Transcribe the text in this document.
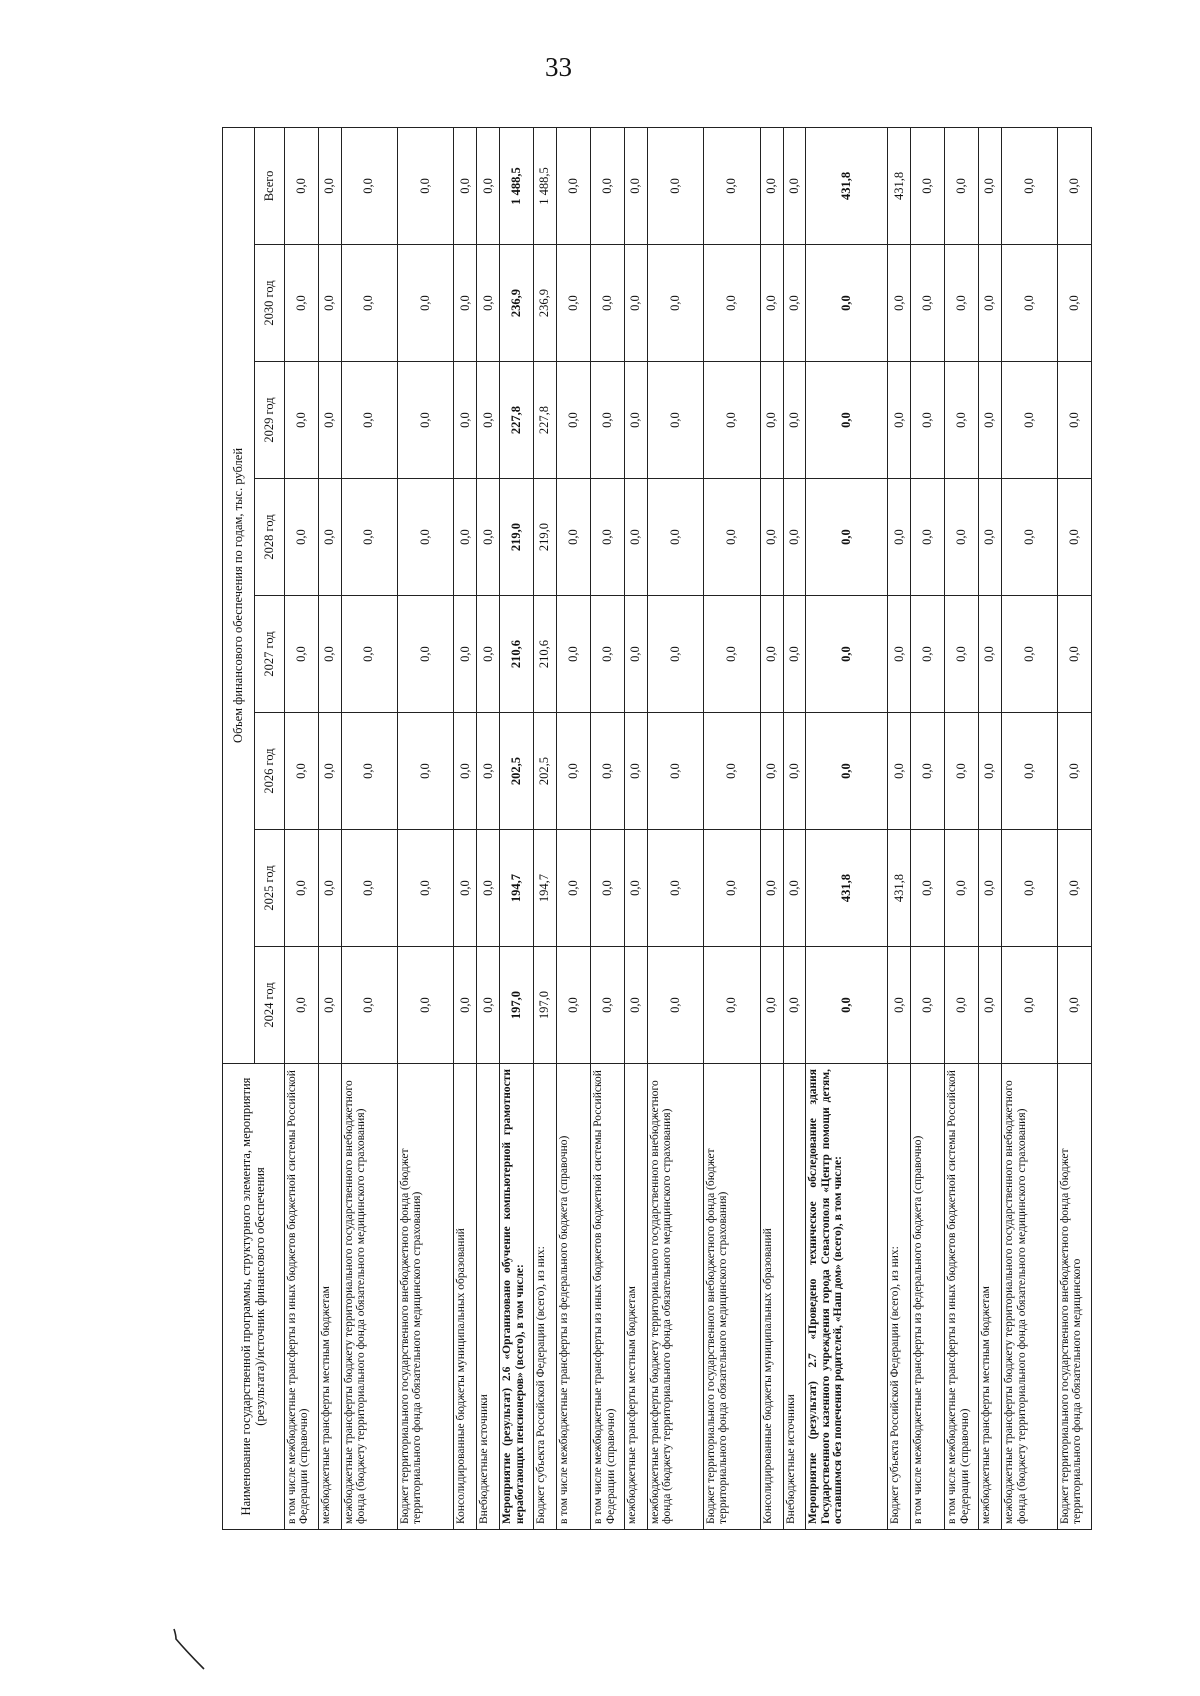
33
Наименование государственной программы, структурного элемента, мероприятия (результата)/источник финансового обеспечения	Объем финансового обеспечения по годам, тыс. рублей							
	2024 год	2025 год	2026 год	2027 год	2028 год	2029 год	2030 год	Всего
в том числе межбюджетные трансферты из иных бюджетов бюджетной системы Российской Федерации (справочно)	0,0	0,0	0,0	0,0	0,0	0,0	0,0	0,0
межбюджетные трансферты местным бюджетам	0,0	0,0	0,0	0,0	0,0	0,0	0,0	0,0
межбюджетные трансферты бюджету территориального государственного внебюджетного фонда (бюджету территориального фонда обязательного медицинского страхования)	0,0	0,0	0,0	0,0	0,0	0,0	0,0	0,0
Бюджет территориального государственного внебюджетного фонда (бюджет территориального фонда обязательного медицинского страхования)	0,0	0,0	0,0	0,0	0,0	0,0	0,0	0,0
Консолидированные бюджеты муниципальных образований	0,0	0,0	0,0	0,0	0,0	0,0	0,0	0,0
Внебюджетные источники	0,0	0,0	0,0	0,0	0,0	0,0	0,0	0,0
Мероприятие (результат) 2.6 «Организовано обучение компьютерной грамотности неработающих пенсионеров» (всего), в том числе:	197,0	194,7	202,5	210,6	219,0	227,8	236,9	1 488,5
Бюджет субъекта Российской Федерации (всего), из них:	197,0	194,7	202,5	210,6	219,0	227,8	236,9	1 488,5
в том числе межбюджетные трансферты из федерального бюджета (справочно)	0,0	0,0	0,0	0,0	0,0	0,0	0,0	0,0
в том числе межбюджетные трансферты из иных бюджетов бюджетной системы Российской Федерации (справочно)	0,0	0,0	0,0	0,0	0,0	0,0	0,0	0,0
межбюджетные трансферты местным бюджетам	0,0	0,0	0,0	0,0	0,0	0,0	0,0	0,0
межбюджетные трансферты бюджету территориального государственного внебюджетного фонда (бюджету территориального фонда обязательного медицинского страхования)	0,0	0,0	0,0	0,0	0,0	0,0	0,0	0,0
Бюджет территориального государственного внебюджетного фонда (бюджет территориального фонда обязательного медицинского страхования)	0,0	0,0	0,0	0,0	0,0	0,0	0,0	0,0
Консолидированные бюджеты муниципальных образований	0,0	0,0	0,0	0,0	0,0	0,0	0,0	0,0
Внебюджетные источники	0,0	0,0	0,0	0,0	0,0	0,0	0,0	0,0
Мероприятие (результат) 2.7 «Проведено техническое обследование здания Государственного казенного учреждения города Севастополя «Центр помощи детям, оставшимся без попечения родителей, «Наш дом» (всего), в том числе:	0,0	431,8	0,0	0,0	0,0	0,0	0,0	431,8
Бюджет субъекта Российской Федерации (всего), из них:	0,0	431,8	0,0	0,0	0,0	0,0	0,0	431,8
в том числе межбюджетные трансферты из федерального бюджета (справочно)	0,0	0,0	0,0	0,0	0,0	0,0	0,0	0,0
в том числе межбюджетные трансферты из иных бюджетов бюджетной системы Российской Федерации (справочно)	0,0	0,0	0,0	0,0	0,0	0,0	0,0	0,0
межбюджетные трансферты местным бюджетам	0,0	0,0	0,0	0,0	0,0	0,0	0,0	0,0
межбюджетные трансферты бюджету территориального государственного внебюджетного фонда (бюджету территориального фонда обязательного медицинского страхования)	0,0	0,0	0,0	0,0	0,0	0,0	0,0	0,0
Бюджет территориального государственного внебюджетного фонда (бюджет территориального фонда обязательного медицинского	0,0	0,0	0,0	0,0	0,0	0,0	0,0	0,0
